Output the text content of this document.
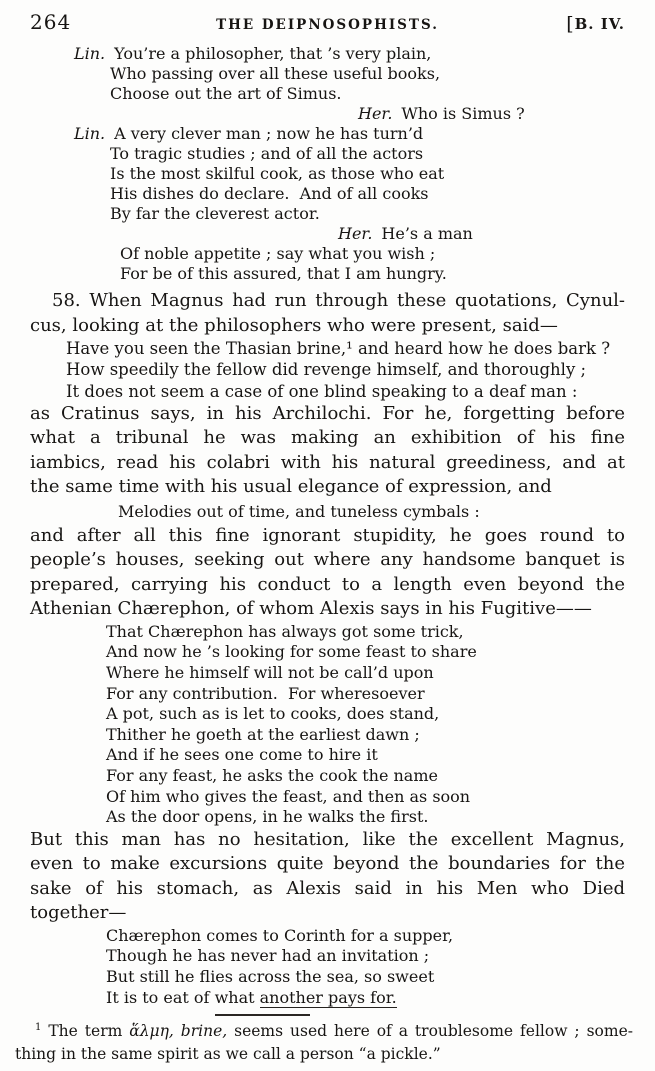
264	THE DEIPNOSOPHISTS.	[B. IV.
Lin. You’re a philosopher, that ’s very plain,
Who passing over all these useful books,
Choose out the art of Simus.
Her. Who is Simus ?
Lin. A very clever man ; now he has turn’d
To tragic studies ; and of all the actors
Is the most skilful cook, as those who eat
His dishes do declare.  And of all cooks
By far the cleverest actor.
Her. He’s a man
Of noble appetite ; say what you wish ;
For be of this assured, that I am hungry.
58. When Magnus had run through these quotations, Cynul-
cus, looking at the philosophers who were present, said—
Have you seen the Thasian brine,¹ and heard how he does bark ?
How speedily the fellow did revenge himself, and thoroughly ;
It does not seem a case of one blind speaking to a deaf man :
as Cratinus says, in his Archilochi. For he, forgetting before
what a tribunal he was making an exhibition of his fine
iambics, read his colabri with his natural greediness, and at
the same time with his usual elegance of expression, and
Melodies out of time, and tuneless cymbals :
and after all this fine ignorant stupidity, he goes round to
people’s houses, seeking out where any handsome banquet is
prepared, carrying his conduct to a length even beyond the
Athenian Chærephon, of whom Alexis says in his Fugitive——
That Chærephon has always got some trick,
And now he ’s looking for some feast to share
Where he himself will not be call’d upon
For any contribution.  For wheresoever
A pot, such as is let to cooks, does stand,
Thither he goeth at the earliest dawn ;
And if he sees one come to hire it
For any feast, he asks the cook the name
Of him who gives the feast, and then as soon
As the door opens, in he walks the first.
But this man has no hesitation, like the excellent Magnus,
even to make excursions quite beyond the boundaries for the
sake of his stomach, as Alexis said in his Men who Died
together—
Chærephon comes to Corinth for a supper,
Though he has never had an invitation ;
But still he flies across the sea, so sweet
It is to eat of what another pays for.
$^1$ The term ἅλμη, brine, seems used here of a troublesome fellow ; some-
thing in the same spirit as we call a person “a pickle.”
